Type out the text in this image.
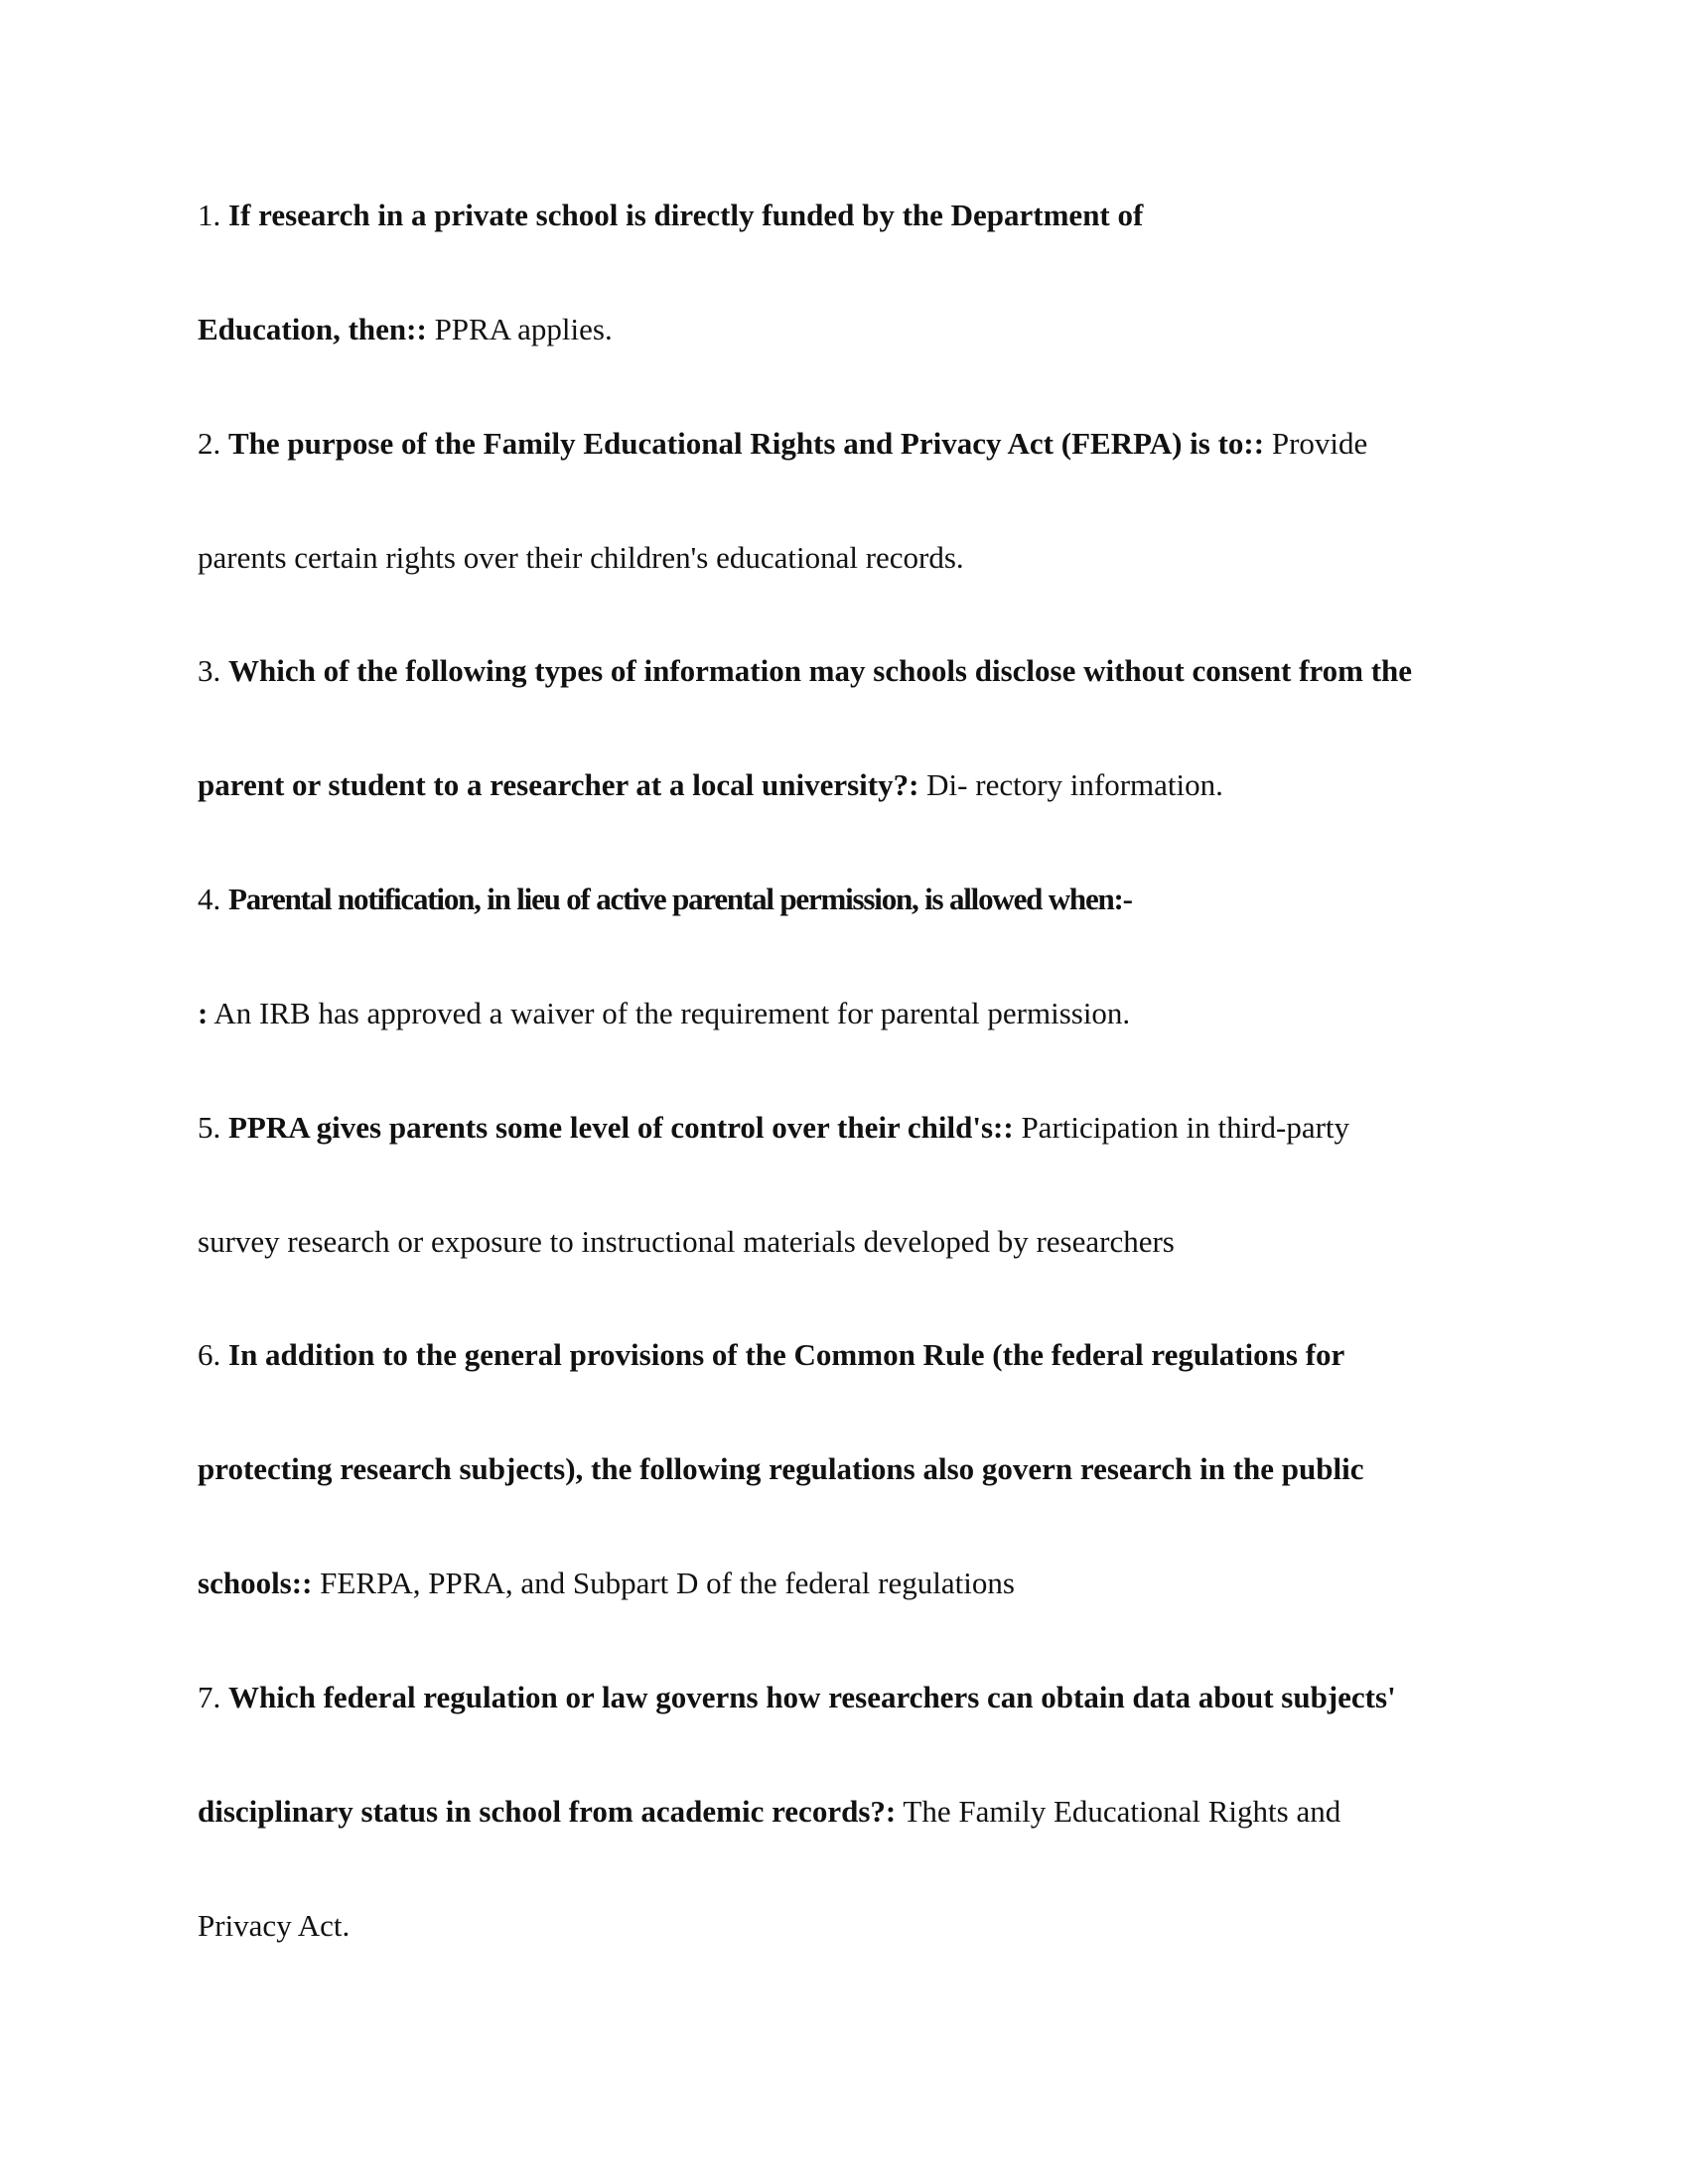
1. If research in a private school is directly funded by the Department of
Education, then:: PPRA applies.
2. The purpose of the Family Educational Rights and Privacy Act (FERPA) is to:: Provide
parents certain rights over their children's educational records.
3. Which of the following types of information may schools disclose without consent from the
parent or student to a researcher at a local university?: Di- rectory information.
4. Parental notification, in lieu of active parental permission, is allowed when:-
: An IRB has approved a waiver of the requirement for parental permission.
5. PPRA gives parents some level of control over their child's:: Participation in third-party
survey research or exposure to instructional materials developed by researchers
6. In addition to the general provisions of the Common Rule (the federal regulations for
protecting research subjects), the following regulations also govern research in the public
schools:: FERPA, PPRA, and Subpart D of the federal regulations
7. Which federal regulation or law governs how researchers can obtain data about subjects'
disciplinary status in school from academic records?: The Family Educational Rights and
Privacy Act.
